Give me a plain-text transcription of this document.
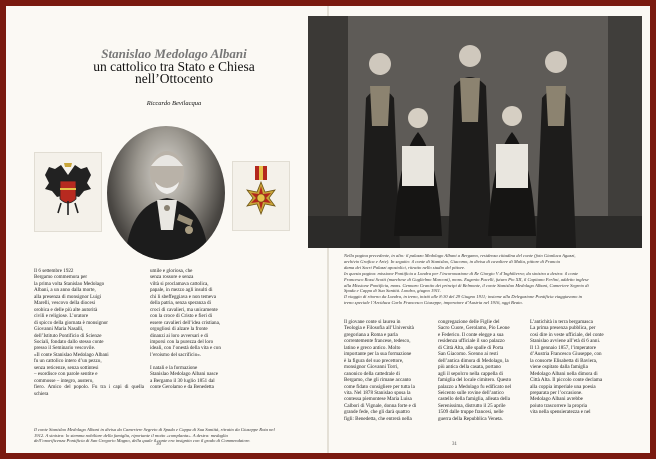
Stanislao Medolago Albani
un cattolico tra Stato e Chiesa
nell’Ottocento
Riccardo Bevilacqua
Il 6 settembre 1922
Bergamo commemora per
la prima volta Stanislao Medolago
Albani, a un anno dalla morte,
alla presenza di monsignor Luigi
Marelli, vescovo della diocesi
orobica e delle più alte autorità
civili e religiose. L’oratore
di spicco della giornata è monsignor
Giovanni Maria Nasalli,
dell’Istituto Pontificio di Scienze
Sociali, fondato dallo stesso conte
presso il Seminario vescovile.
«Il conte Stanislao Medolago Albani
fu un cattolico intero d’un pezzo,
senza reticenze, senza sottintesi
– esordisce con parole sentite e
commosse – integro, austero,
fiero. Amico del popolo. Fu tra i capi di quella schiera
umile e gloriosa, che
senza rossore e senza
viltà si proclamava cattolica,
papale, in mezzo agli insulti di
chi li sbeffeggiava e non temeva
della patria, senza speranza di
croci di cavalieri, ma unicamente
con la croce di Cristo e fieri di
essere cavalieri dell’idea cristiana,
orgogliosi di alzare la fronte
dinanzi ai loro avversari e di
imporsi con la purezza del loro
ideali, con l’onestà della vita e con
l’eroismo del sacrificio».

I natali e la formazione
Stanislao Medolago Albani nasce
a Bergamo il 30 luglio 1851 dal
conte Gerolamo e da Benedetta
Il conte Stanislao Medolago Albani in divisa da Cameriere Segreto di Spada e Cappa di Sua Santità, ritratto da Giuseppe Rota nel
1912. A sinistra: lo stemma nobiliare della famiglia, riportante il motto «complanta». A destra: medaglia
dell’onorificenza Pontificia di San Gregorio Magno, della quale il conte era insignito con il grado di Commendatore.
30
Nella pagina precedente, in alto: il palazzo Medolago Albani a Bergamo, residenza cittadina del conte (foto Gianluca Agazzi,
archivio Grafica e Arte). In seguito: il conte di Stanislao, Giacomo, in divisa di cavaliere di Malta, pittore di Francia
dama dei Sacri Palazzi apostolici, ritratto nello studio del pittore.
In questa pagina: missione Pontificia a Londra per l’incoronazione di Re Giorgio V d’Inghilterra; da sinistra a destra: il conte
Francesco Rossi Scotti (marchese di Guglielmo Marconi), mons. Eugenio Pacelli, futuro Pio XII, il Capitano Ferlini, addetto inglese
alla Missione Pontificia, mons. Gennaro Granito dei principi di Belmonte, il conte Stanislao Medolago Albani, Cameriere Segreto di
Spada e Cappa di Sua Santità. Londra, giugno 1911.
Il viaggio di ritorno da Londra, in treno, iniziò alle 8:30 del 29 Giugno 1911; insieme alla Delegazione Pontificia viaggiavano in
treno speciale l’Arciduca Carlo Francesco Giuseppe, imperatore d’Austria nel 1916, oggi Beato.
Il giovane conte si laurea in
Teologia e Filosofia all’Università
gregoriana a Roma e parla
correntemente francese, tedesco,
latino e greco antico. Molto
importante per la sua formazione
è la figura del suo precettore,
monsignor Giovanni Torri,
canonico della cattedrale di
Bergamo, che gli rimane accanto
come fidato consigliere per tutta la
vita. Nel 1878 Stanislao sposa la
contessa piemontese Maria Luisa
Calbori di Vignale, donna forte e di
grande fede, che gli darà quattro
figli: Benedetta, che entrerà nella
congregazione delle Figlie del
Sacro Cuore, Gerolamo, Pio Leone
e Federico. Il conte elegge a sua
residenza ufficiale il suo palazzo
di Città Alta, alle spalle di Porta
San Giacomo. Scenno ai resti
dell’antica dimora di Medolago, la
più antica della casata, portano
agli il sepolcro nella cappella di
famiglia del locale cimitero. Questo
palazzo a Medolago fu edificato nel
Seicento sulle rovine dell’antico
castello della famiglia, alleata della
Serenissima, distrutto il 25 aprile
1509 dalle truppe francesi, nelle
guerra della Repubblica Veneta.
L’antichità in terra bergamasca
La prima presenza pubblica, per
così dire in veste ufficiale, del conte
Stanislao avviene all’età di 6 anni.
Il 13 gennaio 1857, l’imperatore
d’Austria Francesco Giuseppe, con
la consorte Elisabetta di Baviera,
viene ospitato dalla famiglia
Medolago Albani nella dimora di
Città Alta. Il piccolo conte declama
alla coppia imperiale una poesia
preparata per l’occasione.
Medolago Albani avrebbe
poiuto trascorrere la propria
vita nella spensieratezza e nel
31
